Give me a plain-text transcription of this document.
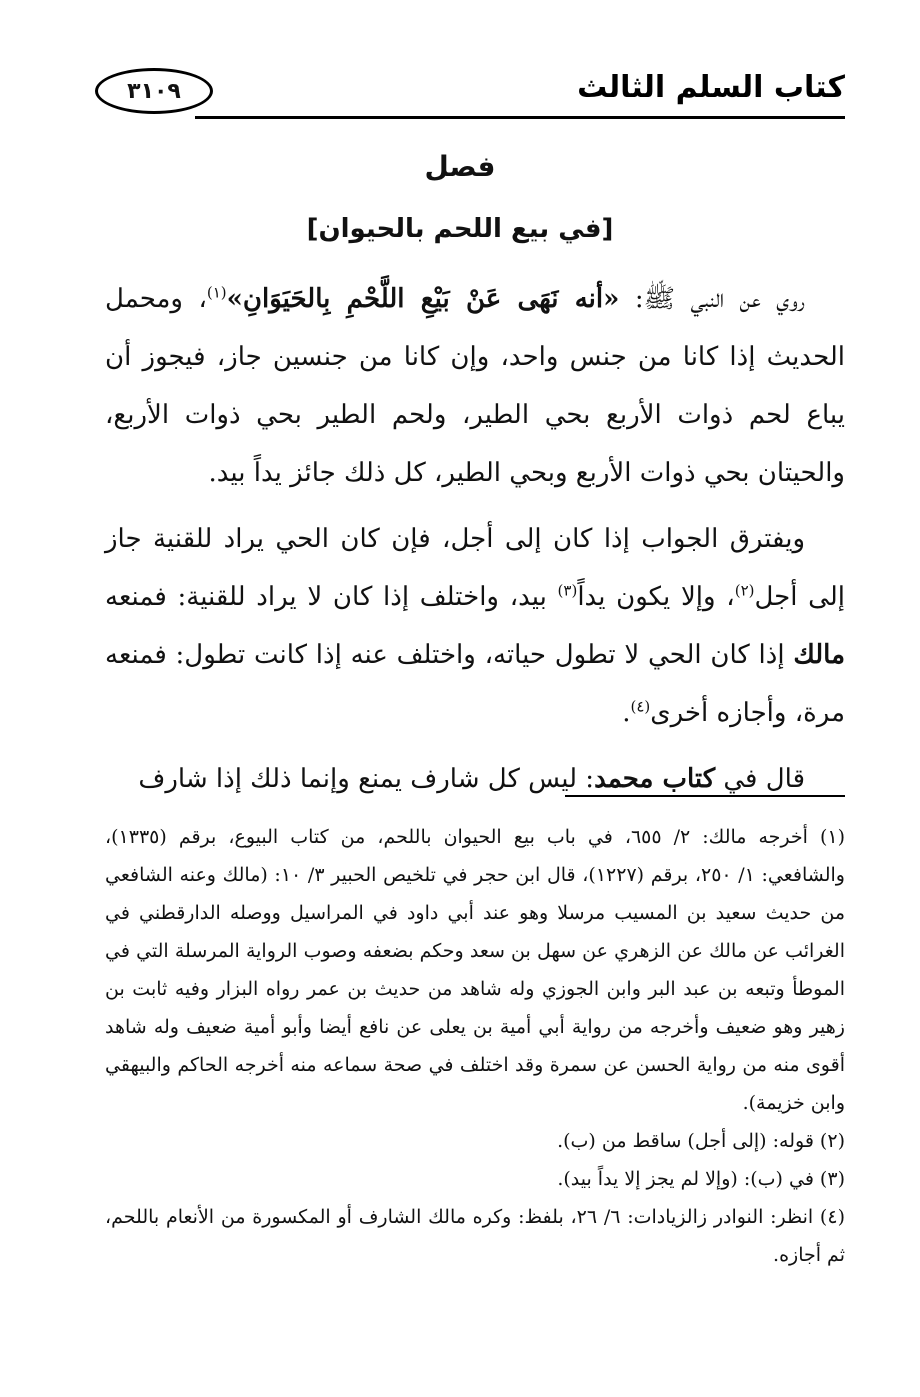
كتاب السلم الثالث
٣١٠٩
فصل
[في بيع اللحم بالحيوان]

روي عن النبي ﷺ: «أنه نَهَى عَنْ بَيْعِ اللَّحْمِ بِالحَيَوَانِ»$^{(١)}$، ومحمل الحديث إذا كانا من جنس واحد، وإن كانا من جنسين جاز، فيجوز أن يباع لحم ذوات الأربع بحي الطير، ولحم الطير بحي ذوات الأربع، والحيتان بحي ذوات الأربع وبحي الطير، كل ذلك جائز يداً بيد.

ويفترق الجواب إذا كان إلى أجل، فإن كان الحي يراد للقنية جاز إلى أجل$^{(٢)}$، وإلا يكون يداً$^{(٣)}$ بيد، واختلف إذا كان لا يراد للقنية: فمنعه مالك إذا كان الحي لا تطول حياته، واختلف عنه إذا كانت تطول: فمنعه مرة، وأجازه أخرى$^{(٤)}$.

قال في كتاب محمد: ليس كل شارف يمنع وإنما ذلك إذا شارف

(١) أخرجه مالك: ٢/ ٦٥٥، في باب بيع الحيوان باللحم، من كتاب البيوع، برقم (١٣٣٥)، والشافعي: ١/ ٢٥٠، برقم (١٢٢٧)، قال ابن حجر في تلخيص الحبير ٣/ ١٠: (مالك وعنه الشافعي من حديث سعيد بن المسيب مرسلا وهو عند أبي داود في المراسيل ووصله الدارقطني في الغرائب عن مالك عن الزهري عن سهل بن سعد وحكم بضعفه وصوب الرواية المرسلة التي في الموطأ وتبعه بن عبد البر وابن الجوزي وله شاهد من حديث بن عمر رواه البزار وفيه ثابت بن زهير وهو ضعيف وأخرجه من رواية أبي أمية بن يعلى عن نافع أيضا وأبو أمية ضعيف وله شاهد أقوى منه من رواية الحسن عن سمرة وقد اختلف في صحة سماعه منه أخرجه الحاكم والبيهقي وابن خزيمة).

(٢) قوله: (إلى أجل) ساقط من (ب).

(٣) في (ب): (وإلا لم يجز إلا يداً بيد).

(٤) انظر: النوادر زالزيادات: ٦/ ٢٦، بلفظ: وكره مالك الشارف أو المكسورة من الأنعام باللحم، ثم أجازه.
